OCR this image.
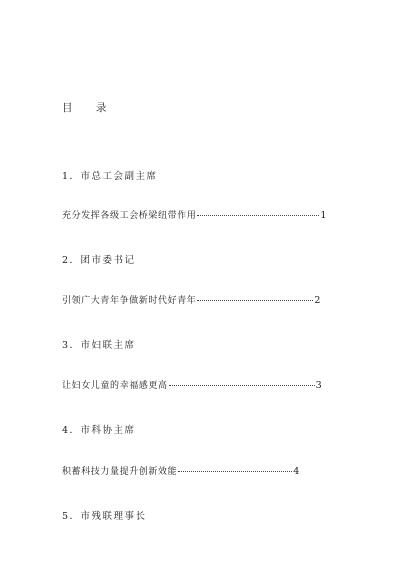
目 录
1．市总工会副主席
充分发挥各级工会桥梁纽带作用	1
2．团市委书记
引领广大青年争做新时代好青年	2
3．市妇联主席
让妇女儿童的幸福感更高	3
4．市科协主席
积蓄科技力量提升创新效能	4
5．市残联理事长
